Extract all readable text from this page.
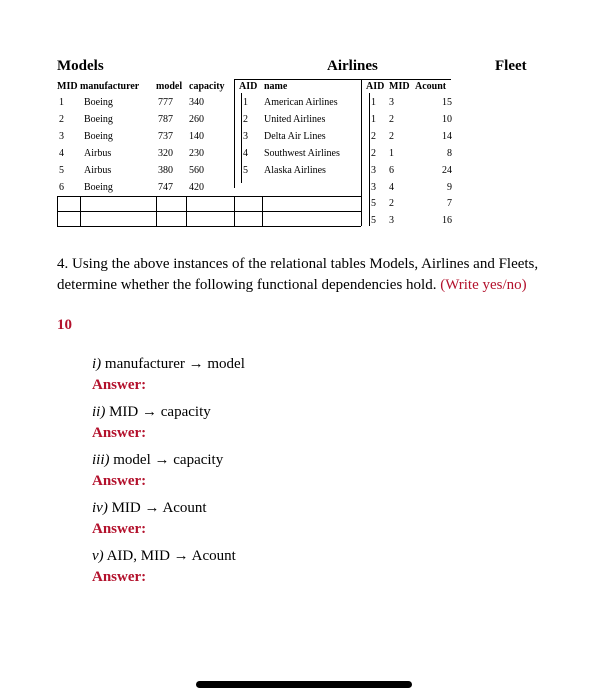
Models	Airlines	Fleet
MID manufacturer model capacity AID name	AID MID Acount
1 Boeing	777 340
2 Boeing	787 260
3 Boeing	737 140
4 Airbus	320 230
5 Airbus	380 560
6 Boeing	747 420
1 American Airlines
2 United Airlines
3 Delta Air Lines
4 Southwest Airlines
5 Alaska Airlines
1 3	15
1 2	10
2 2	14
2 1	8
3 6	24
3 4	9
5 2	7
5 3	16
4. Using the above instances of the relational tables Models, Airlines and Fleets, determine whether the following functional dependencies hold. (Write yes/no)
10
i) manufacturer → model
Answer:
ii) MID → capacity
Answer:
iii) model → capacity
Answer:
iv) MID → Acount
Answer:
v) AID, MID → Acount
Answer:
